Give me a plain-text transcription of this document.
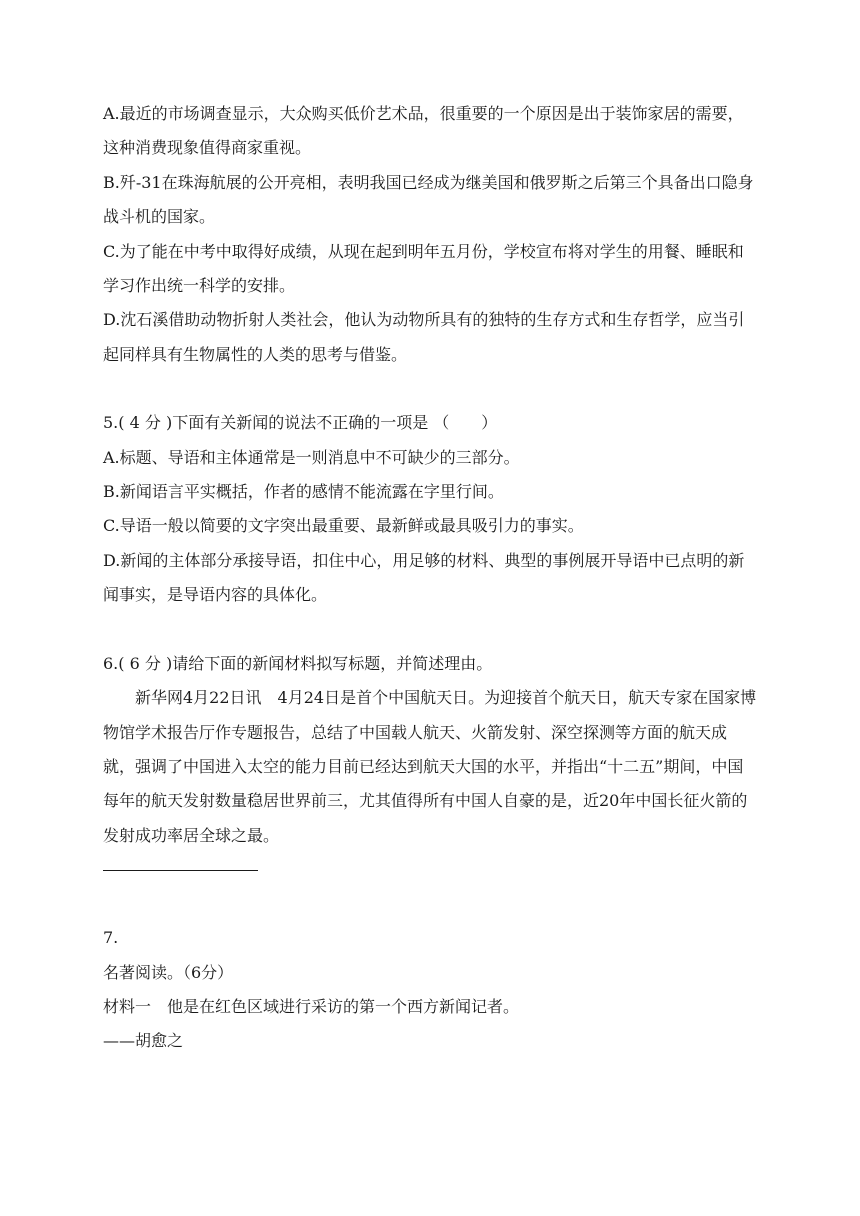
A.最近的市场调查显示，大众购买低价艺术品，很重要的一个原因是出于装饰家居的需要，这种消费现象值得商家重视。

B.歼-31在珠海航展的公开亮相，表明我国已经成为继美国和俄罗斯之后第三个具备出口隐身战斗机的国家。

C.为了能在中考中取得好成绩，从现在起到明年五月份，学校宣布将对学生的用餐、睡眠和学习作出统一科学的安排。

D.沈石溪借助动物折射人类社会，他认为动物所具有的独特的生存方式和生存哲学，应当引起同样具有生物属性的人类的思考与借鉴。

5.( 4 分 )下面有关新闻的说法不正确的一项是 （　　）

A.标题、导语和主体通常是一则消息中不可缺少的三部分。

B.新闻语言平实概括，作者的感情不能流露在字里行间。

C.导语一般以简要的文字突出最重要、最新鲜或最具吸引力的事实。

D.新闻的主体部分承接导语，扣住中心，用足够的材料、典型的事例展开导语中已点明的新闻事实，是导语内容的具体化。

6.( 6 分 )请给下面的新闻材料拟写标题，并简述理由。

新华网4月22日讯　4月24日是首个中国航天日。为迎接首个航天日，航天专家在国家博物馆学术报告厅作专题报告，总结了中国载人航天、火箭发射、深空探测等方面的航天成就，强调了中国进入太空的能力目前已经达到航天大国的水平，并指出“十二五”期间，中国每年的航天发射数量稳居世界前三，尤其值得所有中国人自豪的是，近20年中国长征火箭的发射成功率居全球之最。

7.

名著阅读。（6分）

材料一　他是在红色区域进行采访的第一个西方新闻记者。

——胡愈之
